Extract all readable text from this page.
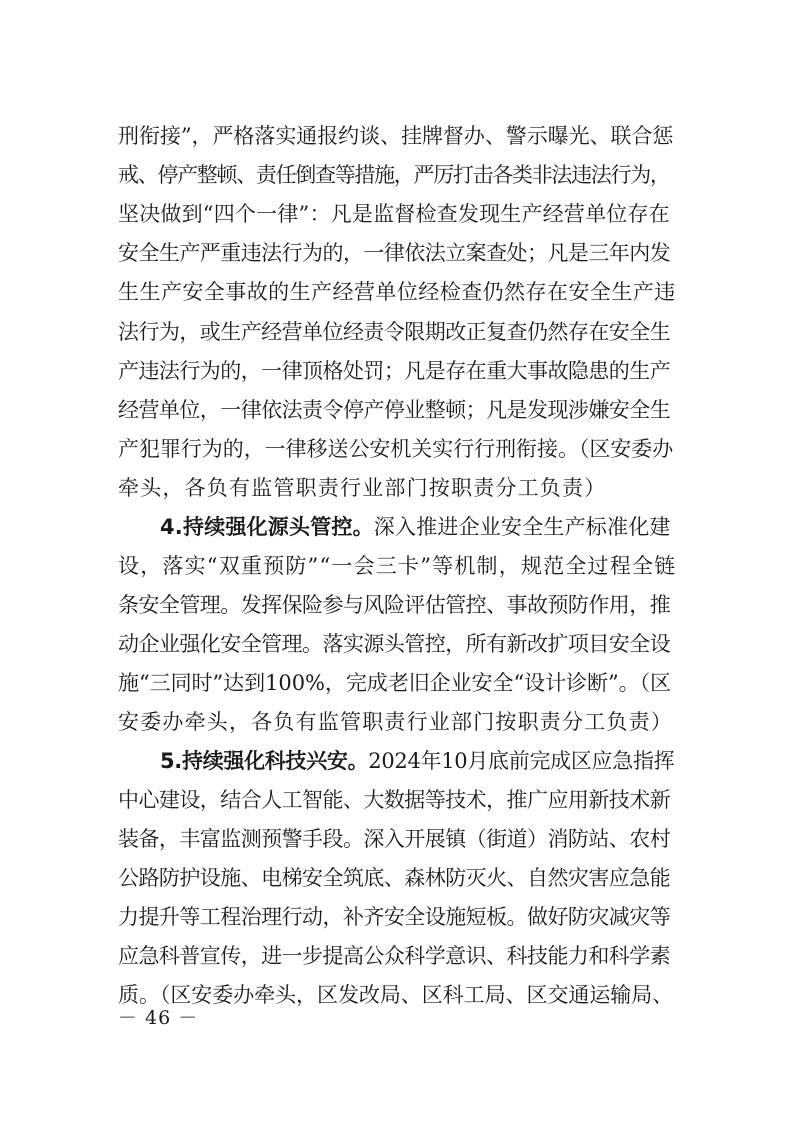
刑衔接”，严格落实通报约谈、挂牌督办、警示曝光、联合惩
戒、停产整顿、责任倒查等措施，严厉打击各类非法违法行为，
坚决做到“四个一律”：凡是监督检查发现生产经营单位存在
安全生产严重违法行为的，一律依法立案查处；凡是三年内发
生生产安全事故的生产经营单位经检查仍然存在安全生产违
法行为，或生产经营单位经责令限期改正复查仍然存在安全生
产违法行为的，一律顶格处罚；凡是存在重大事故隐患的生产
经营单位，一律依法责令停产停业整顿；凡是发现涉嫌安全生
产犯罪行为的，一律移送公安机关实行行刑衔接。（区安委办
牵头，各负有监管职责行业部门按职责分工负责）
4.持续强化源头管控。深入推进企业安全生产标准化建
设，落实“双重预防”“一会三卡”等机制，规范全过程全链
条安全管理。发挥保险参与风险评估管控、事故预防作用，推
动企业强化安全管理。落实源头管控，所有新改扩项目安全设
施“三同时”达到100%，完成老旧企业安全“设计诊断”。（区
安委办牵头，各负有监管职责行业部门按职责分工负责）
5.持续强化科技兴安。2024年10月底前完成区应急指挥
中心建设，结合人工智能、大数据等技术，推广应用新技术新
装备，丰富监测预警手段。深入开展镇（街道）消防站、农村
公路防护设施、电梯安全筑底、森林防灭火、自然灾害应急能
力提升等工程治理行动，补齐安全设施短板。做好防灾减灾等
应急科普宣传，进一步提高公众科学意识、科技能力和科学素
质。（区安委办牵头，区发改局、区科工局、区交通运输局、
－ 46 －
